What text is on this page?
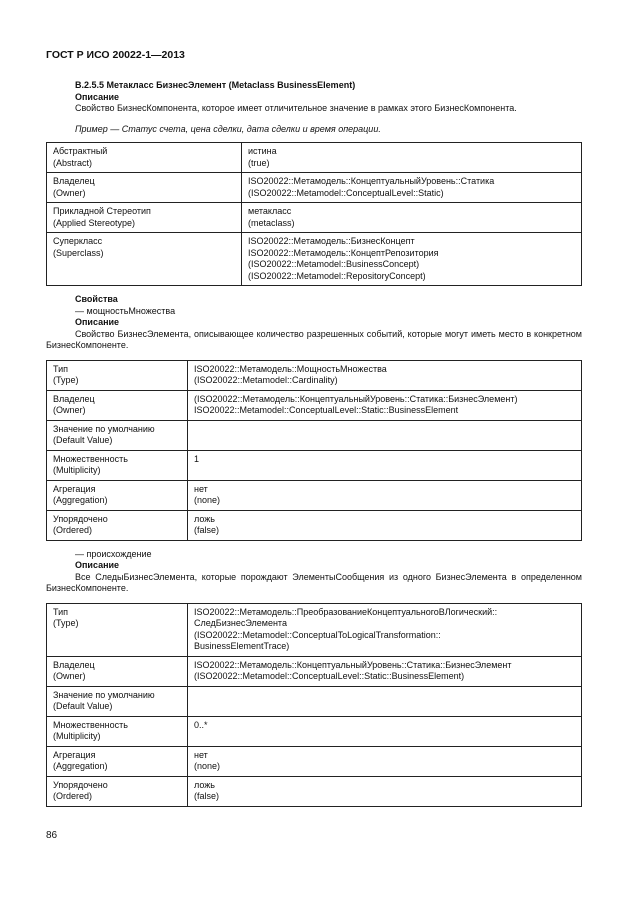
ГОСТ Р ИСО 20022-1—2013
B.2.5.5 Метакласс БизнесЭлемент (Metaclass BusinessElement)
Описание

Свойство БизнесКомпонента, которое имеет отличительное значение в рамках этого БизнесКомпонента.

Пример — Статус счета, цена сделки, дата сделки и время операции.

Абстрактный
(Abstract)	истина
(true)

Владелец
(Owner)	ISO20022::Метамодель::КонцептуальныйУровень::Статика
(ISO20022::Metamodel::ConceptualLevel::Static)

Прикладной Стереотип
(Applied Stereotype)	метакласс
(metaclass)

Суперкласс
(Superclass)	ISO20022::Метамодель::БизнесКонцепт
ISO20022::Метамодель::КонцептРепозитория
(ISO20022::Metamodel::BusinessConcept)
(ISO20022::Metamodel::RepositoryConcept)
Свойства
— мощностьМножества
Описание

Свойство БизнесЭлемента, описывающее количество разрешенных событий, которые могут иметь место в конкретном БизнесКомпоненте.

Тип
(Type)	ISO20022::Метамодель::МощностьМножества
(ISO20022::Metamodel::Cardinality)

Владелец
(Owner)	(ISO20022::Метамодель::КонцептуальныйУровень::Статика::БизнесЭлемент)
ISO20022::Metamodel::ConceptualLevel::Static::BusinessElement

Значение по умолчанию
(Default Value)	

Множественность
(Multiplicity)	1

Агрегация
(Aggregation)	нет
(none)

Упорядочено
(Ordered)	ложь
(false)
— происхождение
Описание

Все СледыБизнесЭлемента, которые порождают ЭлементыСообщения из одного БизнесЭлемента в определенном БизнесКомпоненте.

Тип
(Type)	ISO20022::Метамодель::ПреобразованиеКонцептуальногоВЛогический::
СледБизнесЭлемента
(ISO20022::Metamodel::ConceptualToLogicalTransformation::
BusinessElementTrace)

Владелец
(Owner)	ISO20022::Метамодель::КонцептуальныйУровень::Статика::БизнесЭлемент
(ISO20022::Metamodel::ConceptualLevel::Static::BusinessElement)

Значение по умолчанию
(Default Value)	

Множественность
(Multiplicity)	0..*

Агрегация
(Aggregation)	нет
(none)

Упорядочено
(Ordered)	ложь
(false)
86
